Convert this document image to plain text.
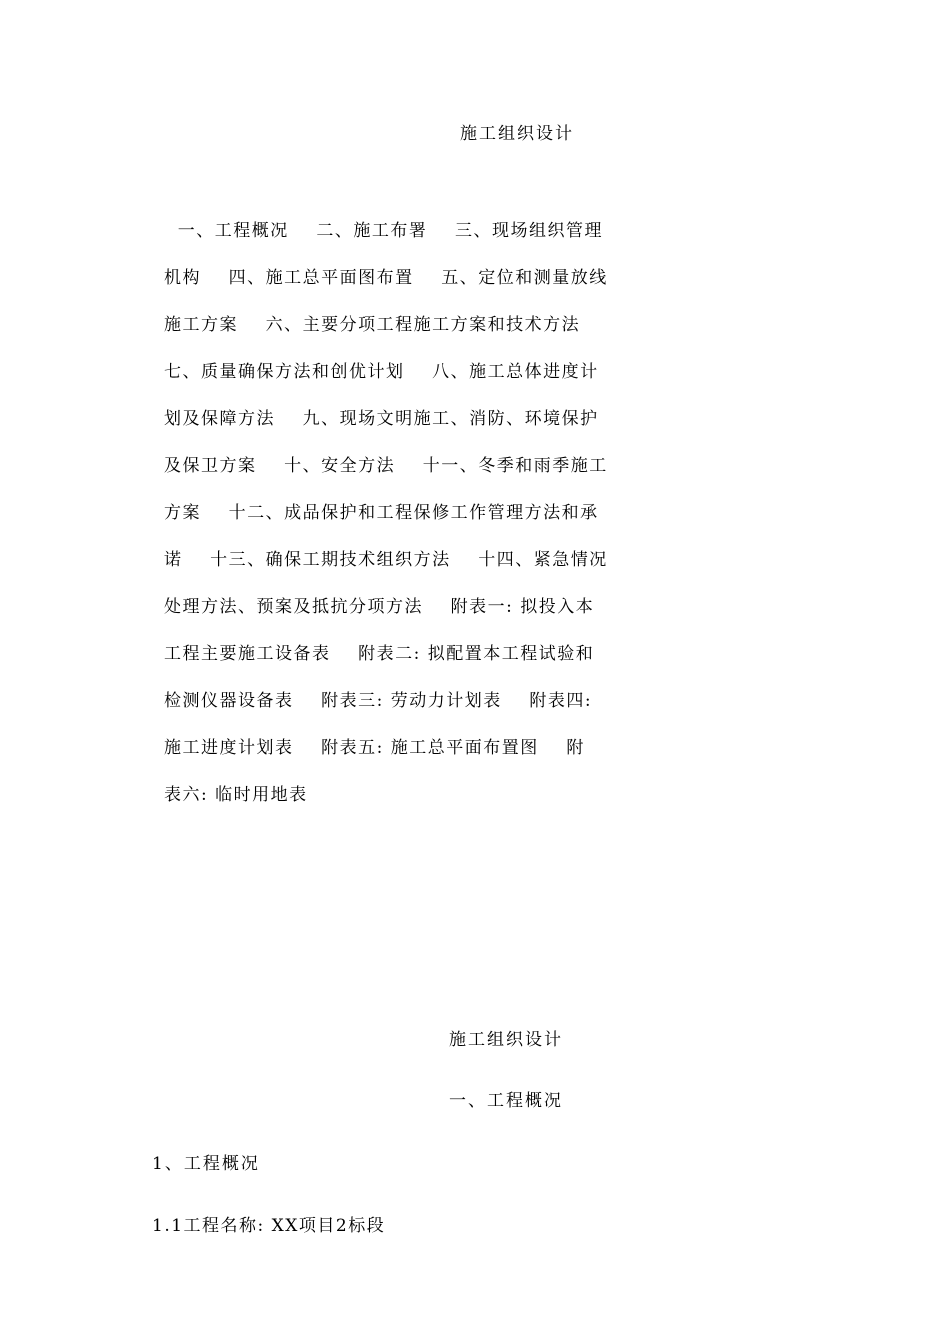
施工组织设计
一、工程概况    二、施工布署    三、现场组织管理
机构    四、施工总平面图布置    五、定位和测量放线
施工方案    六、主要分项工程施工方案和技术方法
七、质量确保方法和创优计划    八、施工总体进度计
划及保障方法    九、现场文明施工、消防、环境保护
及保卫方案    十、安全方法    十一、冬季和雨季施工
方案    十二、成品保护和工程保修工作管理方法和承
诺    十三、确保工期技术组织方法    十四、紧急情况
处理方法、预案及抵抗分项方法    附表一: 拟投入本
工程主要施工设备表    附表二: 拟配置本工程试验和
检测仪器设备表    附表三: 劳动力计划表    附表四:
施工进度计划表    附表五: 施工总平面布置图    附
表六: 临时用地表
施工组织设计
一、工程概况
1、工程概况
1.1工程名称: XX项目2标段
